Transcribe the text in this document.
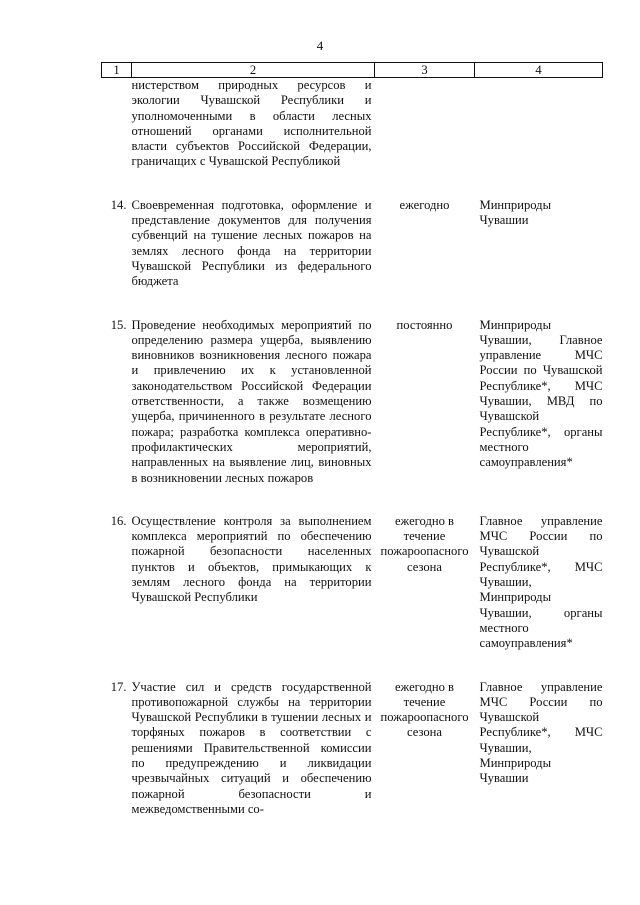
4
1	2	3	4
	нистерством природных ресурсов и экологии Чувашской Республики и уполномоченными в области лесных отношений органами исполнительной власти субъектов Российской Федерации, граничащих с Чувашской Республикой		
14.	Своевременная подготовка, оформление и представление документов для получения субвенций на тушение лесных пожаров на землях лесного фонда на территории Чувашской Республики из федерального бюджета	ежегодно	Минприроды Чувашии
15.	Проведение необходимых мероприятий по определению размера ущерба, выявлению виновников возникновения лесного пожара и привлечению их к установленной законодательством Российской Федерации ответственности, а также возмещению ущерба, причиненного в результате лесного пожара; разработка комплекса оперативно-профилактических мероприятий, направленных на выявление лиц, виновных в возникновении лесных пожаров	постоянно	Минприроды Чувашии, Главное управление МЧС России по Чувашской Республике*, МЧС Чувашии, МВД по Чувашской Республике*, органы местного самоуправления*
16.	Осуществление контроля за выполнением комплекса мероприятий по обеспечению пожарной безопасности населенных пунктов и объектов, примыкающих к землям лесного фонда на территории Чувашской Республики	ежегодно в течение пожароопасного сезона	Главное управление МЧС России по Чувашской Республике*, МЧС Чувашии, Минприроды Чувашии, органы местного самоуправления*
17.	Участие сил и средств государственной противопожарной службы на территории Чувашской Республики в тушении лесных и торфяных пожаров в соответствии с решениями Правительственной комиссии по предупреждению и ликвидации чрезвычайных ситуаций и обеспечению пожарной безопасности и межведомственными со-	ежегодно в течение пожароопасного сезона	Главное управление МЧС России по Чувашской Республике*, МЧС Чувашии, Минприроды Чувашии
